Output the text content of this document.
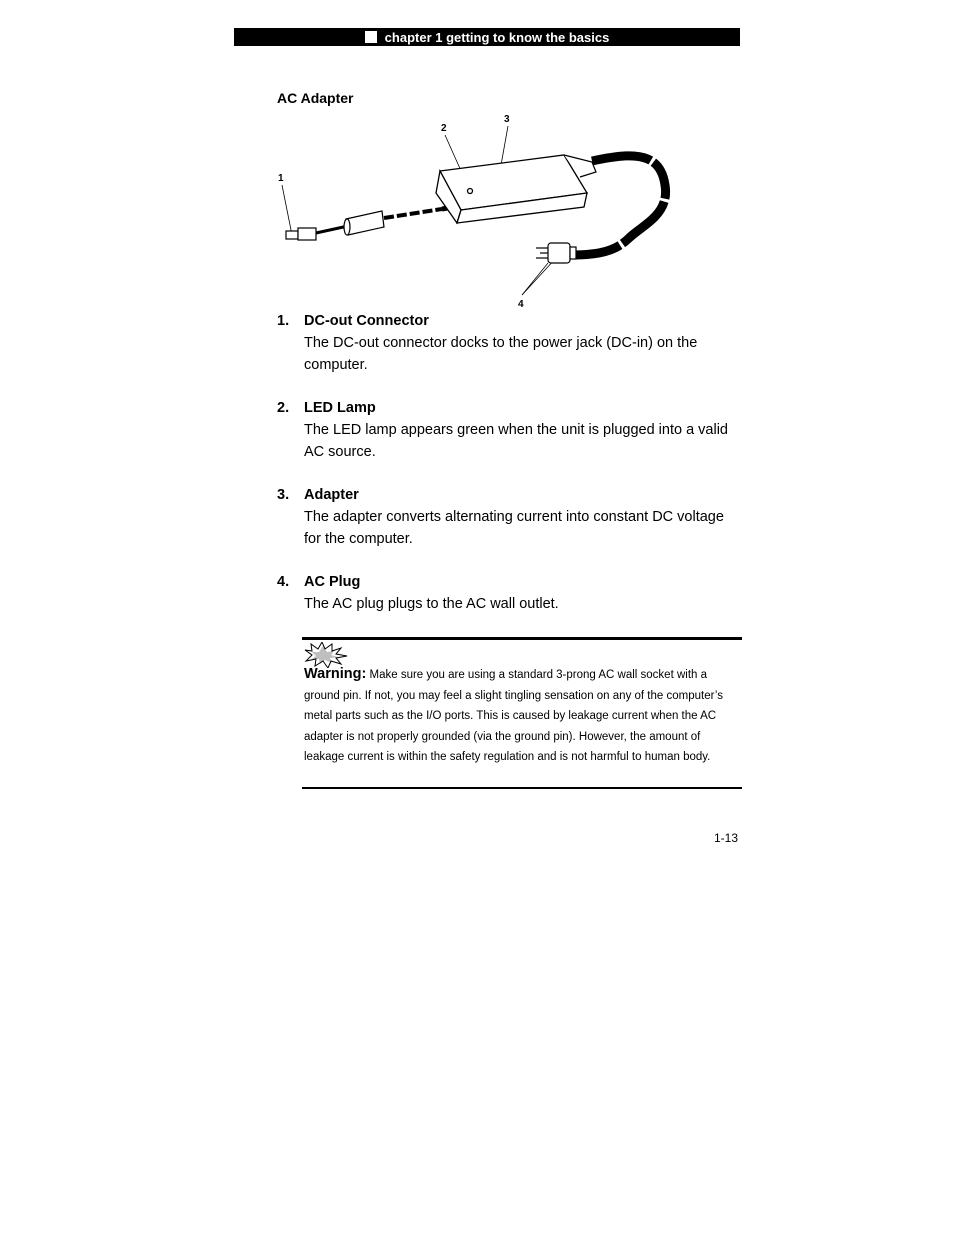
chapter 1 getting to know the basics
AC Adapter
1
2
3
4
1. DC-out Connector
The DC-out connector docks to the power jack (DC-in) on the computer.
2. LED Lamp
The LED lamp appears green when the unit is plugged into a valid AC source.
3. Adapter
The adapter converts alternating current into constant DC voltage for the computer.
4. AC Plug
The AC plug plugs to the AC wall outlet.
Warning: Make sure you are using a standard 3-prong AC wall socket with a ground pin. If not, you may feel a slight tingling sensation on any of the computer’s metal parts such as the I/O ports. This is caused by leakage current when the AC adapter is not properly grounded (via the ground pin). However, the amount of leakage current is within the safety regulation and is not harmful to human body.
1-13
